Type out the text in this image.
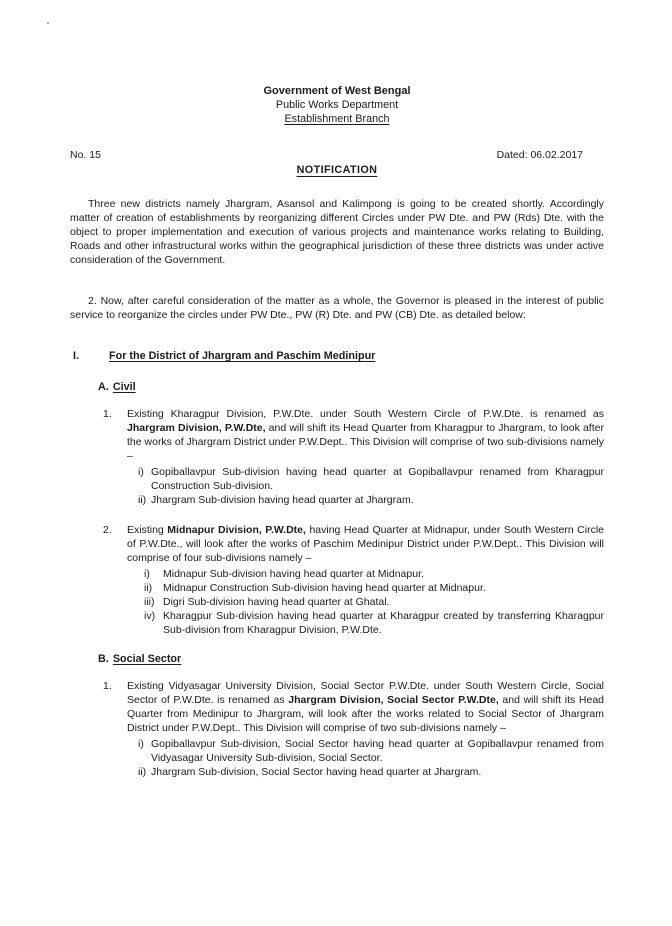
Government of West Bengal
Public Works Department
Establishment Branch
No. 15	Dated: 06.02.2017
NOTIFICATION

Three new districts namely Jhargram, Asansol and Kalimpong is going to be created shortly. Accordingly matter of creation of establishments by reorganizing different Circles under PW Dte. and PW (Rds) Dte. with the object to proper implementation and execution of various projects and maintenance works relating to Building, Roads and other infrastructural works within the geographical jurisdiction of these three districts was under active consideration of the Government.

2. Now, after careful consideration of the matter as a whole, the Governor is pleased in the interest of public service to reorganize the circles under PW Dte., PW (R) Dte. and PW (CB) Dte. as detailed below:

I.	For the District of Jhargram and Paschim Medinipur
A. Civil
1.	Existing Kharagpur Division, P.W.Dte. under South Western Circle of P.W.Dte. is renamed as Jhargram Division, P.W.Dte, and will shift its Head Quarter from Kharagpur to Jhargram, to look after the works of Jhargram District under P.W.Dept.. This Division will comprise of two sub-divisions namely –
i) Gopiballavpur Sub-division having head quarter at Gopiballavpur renamed from Kharagpur Construction Sub-division.
ii) Jhargram Sub-division having head quarter at Jhargram.
2.	Existing Midnapur Division, P.W.Dte, having Head Quarter at Midnapur, under South Western Circle of P.W.Dte., will look after the works of Paschim Medinipur District under P.W.Dept.. This Division will comprise of four sub-divisions namely –
i)	Midnapur Sub-division having head quarter at Midnapur.
ii)	Midnapur Construction Sub-division having head quarter at Midnapur.
iii) Digri Sub-division having head quarter at Ghatal.
iv) Kharagpur Sub-division having head quarter at Kharagpur created by transferring Kharagpur Sub-division from Kharagpur Division, P.W.Dte.
B. Social Sector
1.	Existing Vidyasagar University Division, Social Sector P.W.Dte. under South Western Circle, Social Sector of P.W.Dte. is renamed as Jhargram Division, Social Sector P.W.Dte, and will shift its Head Quarter from Medinipur to Jhargram, will look after the works related to Social Sector of Jhargram District under P.W.Dept.. This Division will comprise of two sub-divisions namely –
i) Gopiballavpur Sub-division, Social Sector having head quarter at Gopiballavpur renamed from Vidyasagar University Sub-division, Social Sector.
ii) Jhargram Sub-division, Social Sector having head quarter at Jhargram.
